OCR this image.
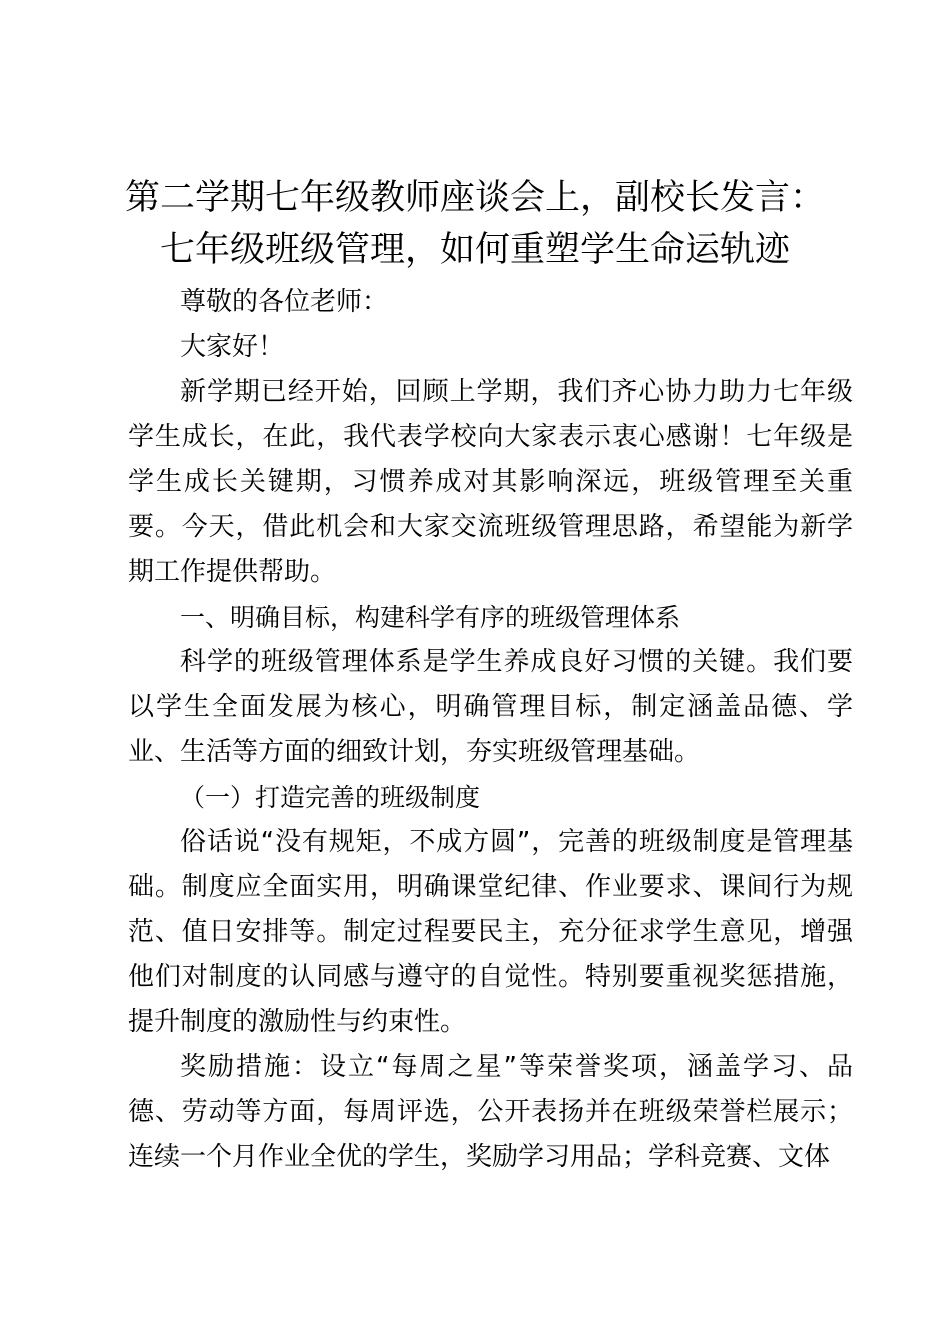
第二学期七年级教师座谈会上，副校长发言：
七年级班级管理，如何重塑学生命运轨迹

尊敬的各位老师：

大家好！

新学期已经开始，回顾上学期，我们齐心协力助力七年级学生成长，在此，我代表学校向大家表示衷心感谢！七年级是学生成长关键期，习惯养成对其影响深远，班级管理至关重要。今天，借此机会和大家交流班级管理思路，希望能为新学期工作提供帮助。

一、明确目标，构建科学有序的班级管理体系

科学的班级管理体系是学生养成良好习惯的关键。我们要以学生全面发展为核心，明确管理目标，制定涵盖品德、学业、生活等方面的细致计划，夯实班级管理基础。

（一）打造完善的班级制度

俗话说“没有规矩，不成方圆”，完善的班级制度是管理基础。制度应全面实用，明确课堂纪律、作业要求、课间行为规范、值日安排等。制定过程要民主，充分征求学生意见，增强他们对制度的认同感与遵守的自觉性。特别要重视奖惩措施，提升制度的激励性与约束性。

奖励措施：设立“每周之星”等荣誉奖项，涵盖学习、品德、劳动等方面，每周评选，公开表扬并在班级荣誉栏展示；连续一个月作业全优的学生，奖励学习用品；学科竞赛、文体
